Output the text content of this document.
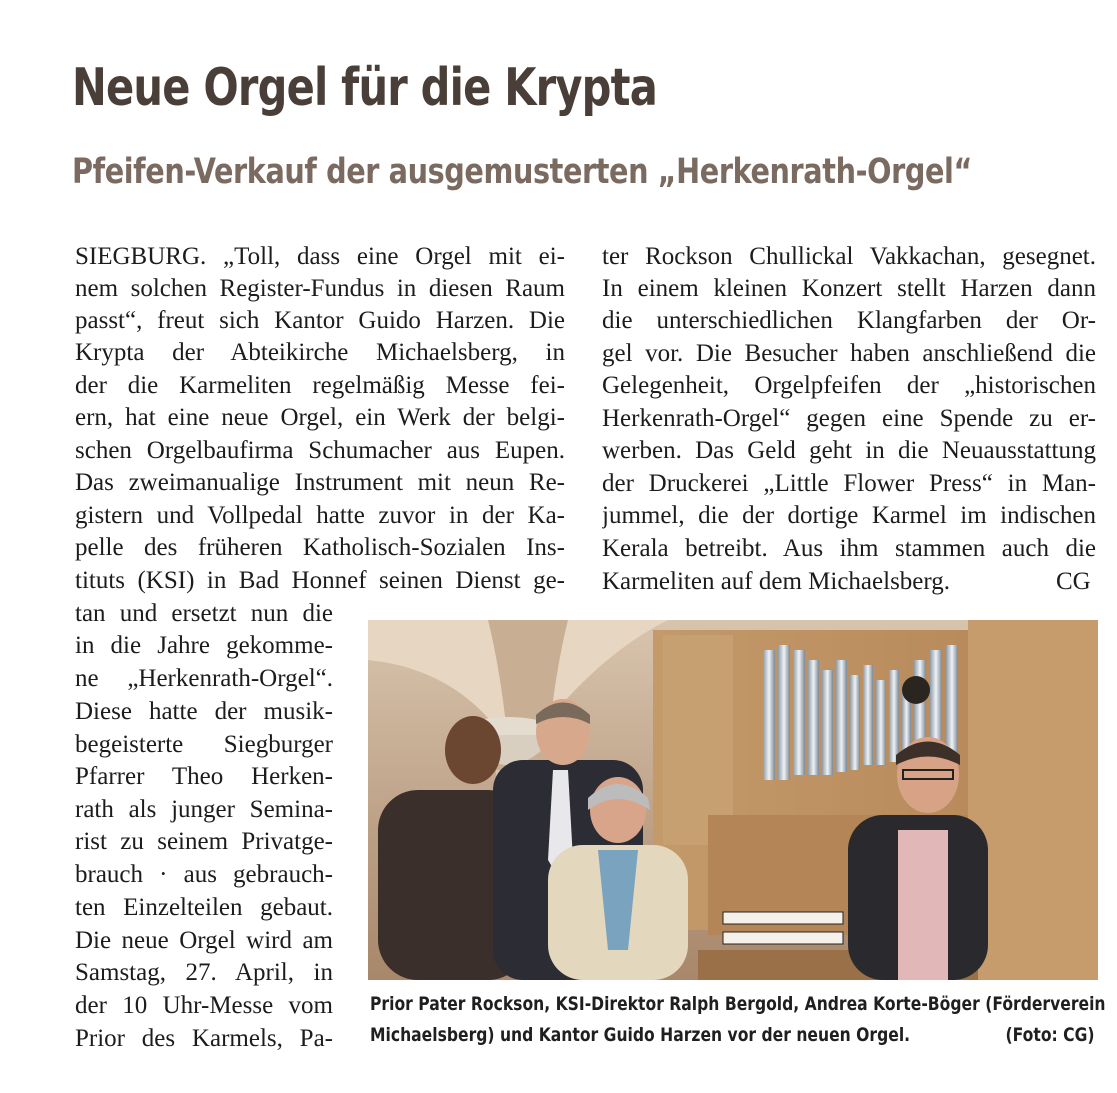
Neue Orgel für die Krypta
Pfeifen-Verkauf der ausgemusterten „Herkenrath-Orgel“
SIEGBURG. „Toll, dass eine Orgel mit ei-
nem solchen Register-Fundus in diesen Raum
passt“, freut sich Kantor Guido Harzen. Die
Krypta der Abteikirche Michaelsberg, in
der die Karmeliten regelmäßig Messe fei-
ern, hat eine neue Orgel, ein Werk der belgi-
schen Orgelbaufirma Schumacher aus Eupen.
Das zweimanualige Instrument mit neun Re-
gistern und Vollpedal hatte zuvor in der Ka-
pelle des früheren Katholisch-Sozialen Ins-
tituts (KSI) in Bad Honnef seinen Dienst ge-
tan und ersetzt nun die
in die Jahre gekomme-
ne „Herkenrath-Orgel“.
Diese hatte der musik-
begeisterte Siegburger
Pfarrer Theo Herken-
rath als junger Semina-
rist zu seinem Privatge-
brauch · aus gebrauch-
ten Einzelteilen gebaut.
Die neue Orgel wird am
Samstag, 27. April, in
der 10 Uhr-Messe vom
Prior des Karmels, Pa-
ter Rockson Chullickal Vakkachan, gesegnet.
In einem kleinen Konzert stellt Harzen dann
die unterschiedlichen Klangfarben der Or-
gel vor. Die Besucher haben anschließend die
Gelegenheit, Orgelpfeifen der „historischen
Herkenrath-Orgel“ gegen eine Spende zu er-
werben. Das Geld geht in die Neuausstattung
der Druckerei „Little Flower Press“ in Man-
jummel, die der dortige Karmel im indischen
Kerala betreibt. Aus ihm stammen auch die
Karmeliten auf dem Michaelsberg.	CG
Prior Pater Rockson, KSI-Direktor Ralph Bergold, Andrea Korte-Böger (Förderverein
Michaelsberg) und Kantor Guido Harzen vor der neuen Orgel.	(Foto: CG)
